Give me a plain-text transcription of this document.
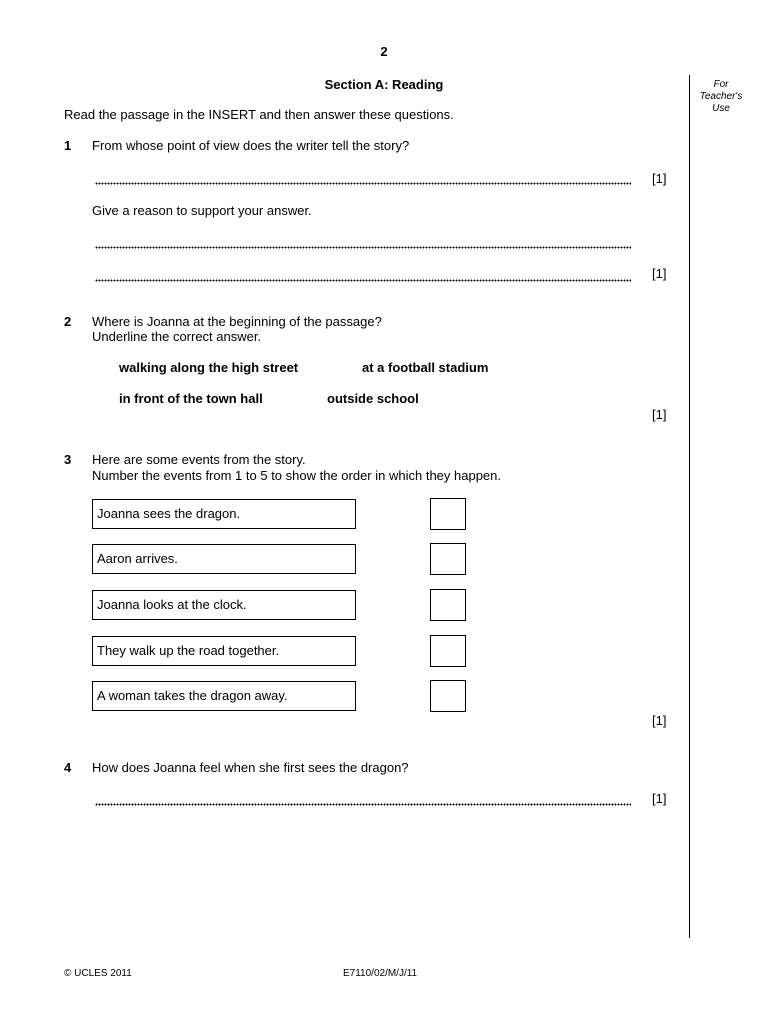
2
Section A: Reading	For
Teacher's
Use
Read the passage in the INSERT and then answer these questions.
1 From whose point of view does the writer tell the story?
[1]
Give a reason to support your answer.
[1]
2 Where is Joanna at the beginning of the passage?
Underline the correct answer.
walking along the high street	at a football stadium
in front of the town hall	outside school
[1]
3 Here are some events from the story.
Number the events from 1 to 5 to show the order in which they happen.
Joanna sees the dragon.
Aaron arrives.
Joanna looks at the clock.
They walk up the road together.
A woman takes the dragon away.
[1]
4 How does Joanna feel when she first sees the dragon?
[1]
© UCLES 2011	E7110/02/M/J/11
